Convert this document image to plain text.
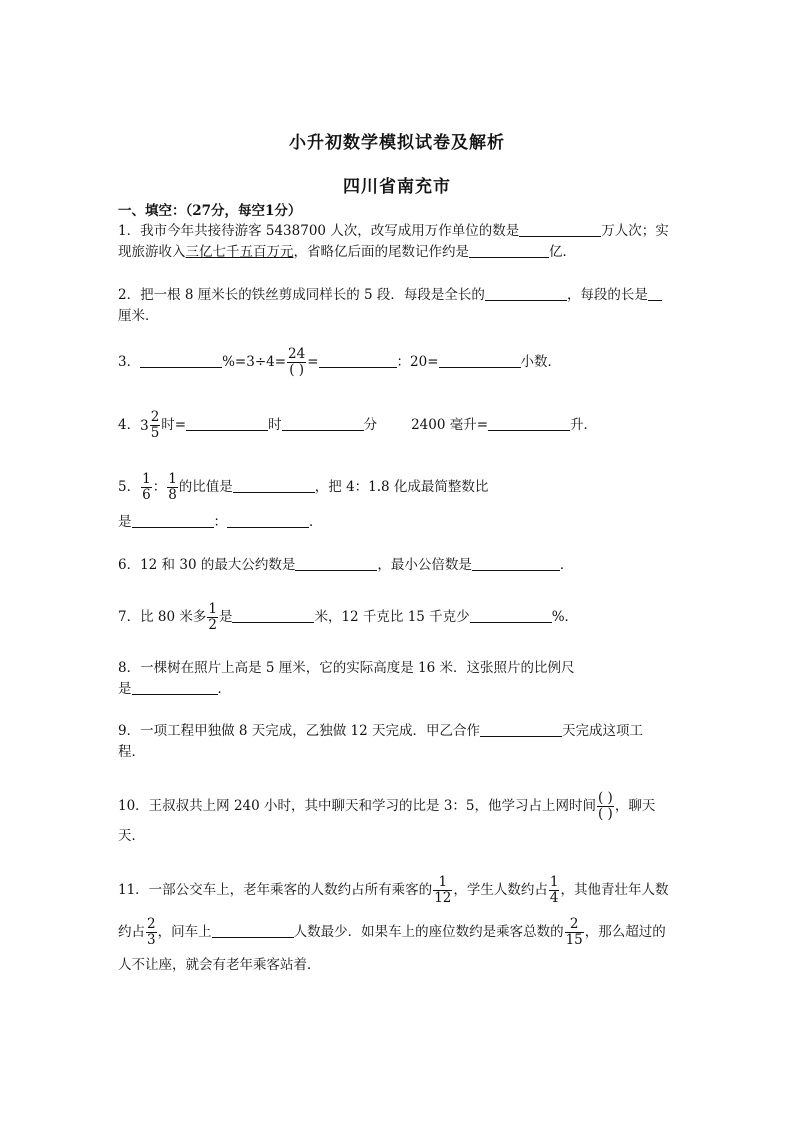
小升初数学模拟试卷及解析
四川省南充市
一、填空：（27分，每空1分）
1．我市今年共接待游客 5438700 人次，改写成用万作单位的数是	万人次；实
现旅游收入三亿七千五百万元，省略亿后面的尾数记作约是	亿．
2．把一根 8 厘米长的铁丝剪成同样长的 5 段．每段是全长的	，每段的长是
厘米．
3．	$\%=3\div 4= \frac{24}{( )}$ =	：20=	小数．
4．$3 \frac{2}{5}$ 时=	时	分	2400 毫升=	升．
5． $\frac{1}{6}$ ： $\frac{1}{8}$ 的比值是	，把 4：1.8 化成最简整数比
是	：	．
6．12 和 30 的最大公约数是	，最小公倍数是	．
7．比 80 米多 $\frac{1}{2}$ 是	米，12 千克比 15 千克少	%．
8．一棵树在照片上高是 5 厘米，它的实际高度是 16 米．这张照片的比例尺
是	．
9．一项工程甲独做 8 天完成，乙独做 12 天完成．甲乙合作	天完成这项工
程．
10．王叔叔共上网 240 小时，其中聊天和学习的比是 3：5，他学习占上网时间 $\frac{( )}{( )}$ ，聊天
天．
11．一部公交车上，老年乘客的人数约占所有乘客的 $\frac{1}{12}$ ，学生人数约占 $\frac{1}{4}$ ，其他青壮年人数
约占 $\frac{2}{3}$ ，问车上	人数最少．如果车上的座位数约是乘客总数的 $\frac{2}{15}$ ，那么超过的
人不让座，就会有老年乘客站着．
